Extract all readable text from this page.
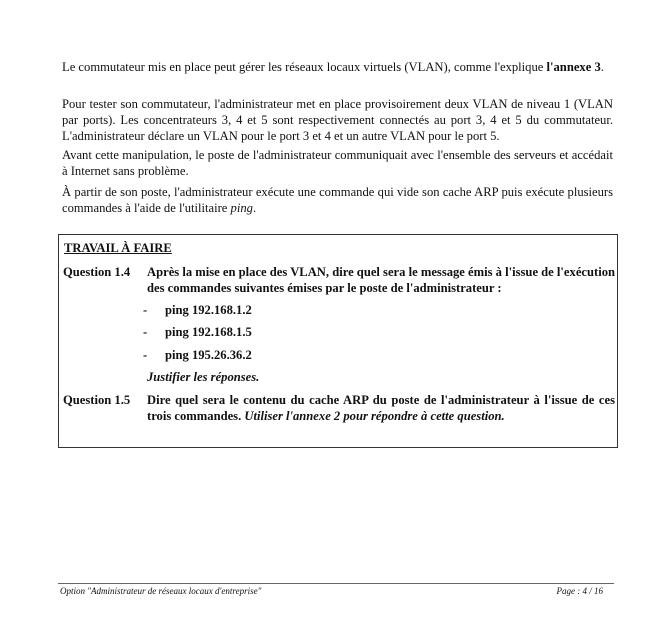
Le commutateur mis en place peut gérer les réseaux locaux virtuels (VLAN), comme l'explique l'annexe 3.

Pour tester son commutateur, l'administrateur met en place provisoirement deux VLAN de niveau 1 (VLAN par ports). Les concentrateurs 3, 4 et 5 sont respectivement connectés au port 3, 4 et 5 du commutateur. L'administrateur déclare un VLAN pour le port 3 et 4 et un autre VLAN pour le port 5.

Avant cette manipulation, le poste de l'administrateur communiquait avec l'ensemble des serveurs et accédait à Internet sans problème.

À partir de son poste, l'administrateur exécute une commande qui vide son cache ARP puis exécute plusieurs commandes à l'aide de l'utilitaire ping.

TRAVAIL À FAIRE
Question 1.4 Après la mise en place des VLAN, dire quel sera le message émis à l'issue de l'exécution des commandes suivantes émises par le poste de l'administrateur :

- ping 192.168.1.2
- ping 192.168.1.5
- ping 195.26.36.2
Justifier les réponses.
Question 1.5 Dire quel sera le contenu du cache ARP du poste de l'administrateur à l'issue de ces trois commandes. Utiliser l'annexe 2 pour répondre à cette question.

Option "Administrateur de réseaux locaux d'entreprise"	Page : 4 / 16
